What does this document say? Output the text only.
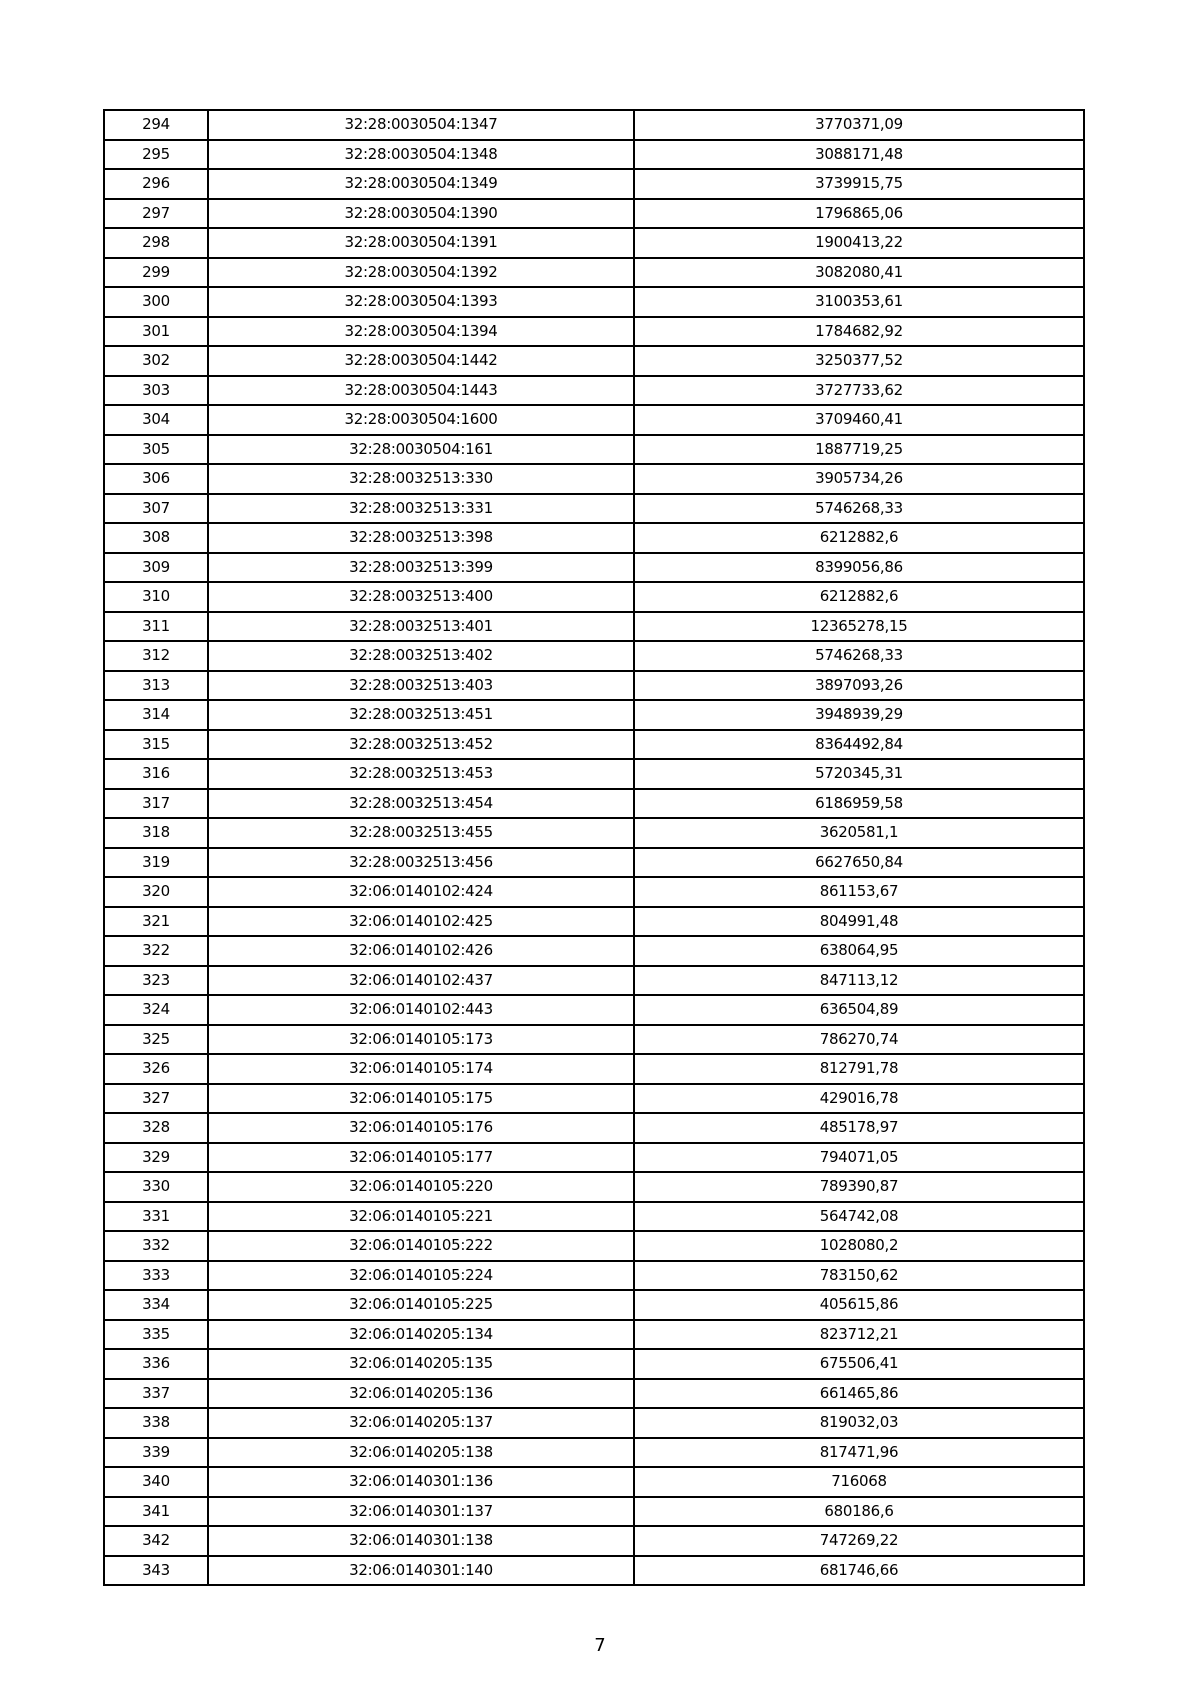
294	32:28:0030504:1347	3770371,09
295	32:28:0030504:1348	3088171,48
296	32:28:0030504:1349	3739915,75
297	32:28:0030504:1390	1796865,06
298	32:28:0030504:1391	1900413,22
299	32:28:0030504:1392	3082080,41
300	32:28:0030504:1393	3100353,61
301	32:28:0030504:1394	1784682,92
302	32:28:0030504:1442	3250377,52
303	32:28:0030504:1443	3727733,62
304	32:28:0030504:1600	3709460,41
305	32:28:0030504:161	1887719,25
306	32:28:0032513:330	3905734,26
307	32:28:0032513:331	5746268,33
308	32:28:0032513:398	6212882,6
309	32:28:0032513:399	8399056,86
310	32:28:0032513:400	6212882,6
311	32:28:0032513:401	12365278,15
312	32:28:0032513:402	5746268,33
313	32:28:0032513:403	3897093,26
314	32:28:0032513:451	3948939,29
315	32:28:0032513:452	8364492,84
316	32:28:0032513:453	5720345,31
317	32:28:0032513:454	6186959,58
318	32:28:0032513:455	3620581,1
319	32:28:0032513:456	6627650,84
320	32:06:0140102:424	861153,67
321	32:06:0140102:425	804991,48
322	32:06:0140102:426	638064,95
323	32:06:0140102:437	847113,12
324	32:06:0140102:443	636504,89
325	32:06:0140105:173	786270,74
326	32:06:0140105:174	812791,78
327	32:06:0140105:175	429016,78
328	32:06:0140105:176	485178,97
329	32:06:0140105:177	794071,05
330	32:06:0140105:220	789390,87
331	32:06:0140105:221	564742,08
332	32:06:0140105:222	1028080,2
333	32:06:0140105:224	783150,62
334	32:06:0140105:225	405615,86
335	32:06:0140205:134	823712,21
336	32:06:0140205:135	675506,41
337	32:06:0140205:136	661465,86
338	32:06:0140205:137	819032,03
339	32:06:0140205:138	817471,96
340	32:06:0140301:136	716068
341	32:06:0140301:137	680186,6
342	32:06:0140301:138	747269,22
343	32:06:0140301:140	681746,66
7
